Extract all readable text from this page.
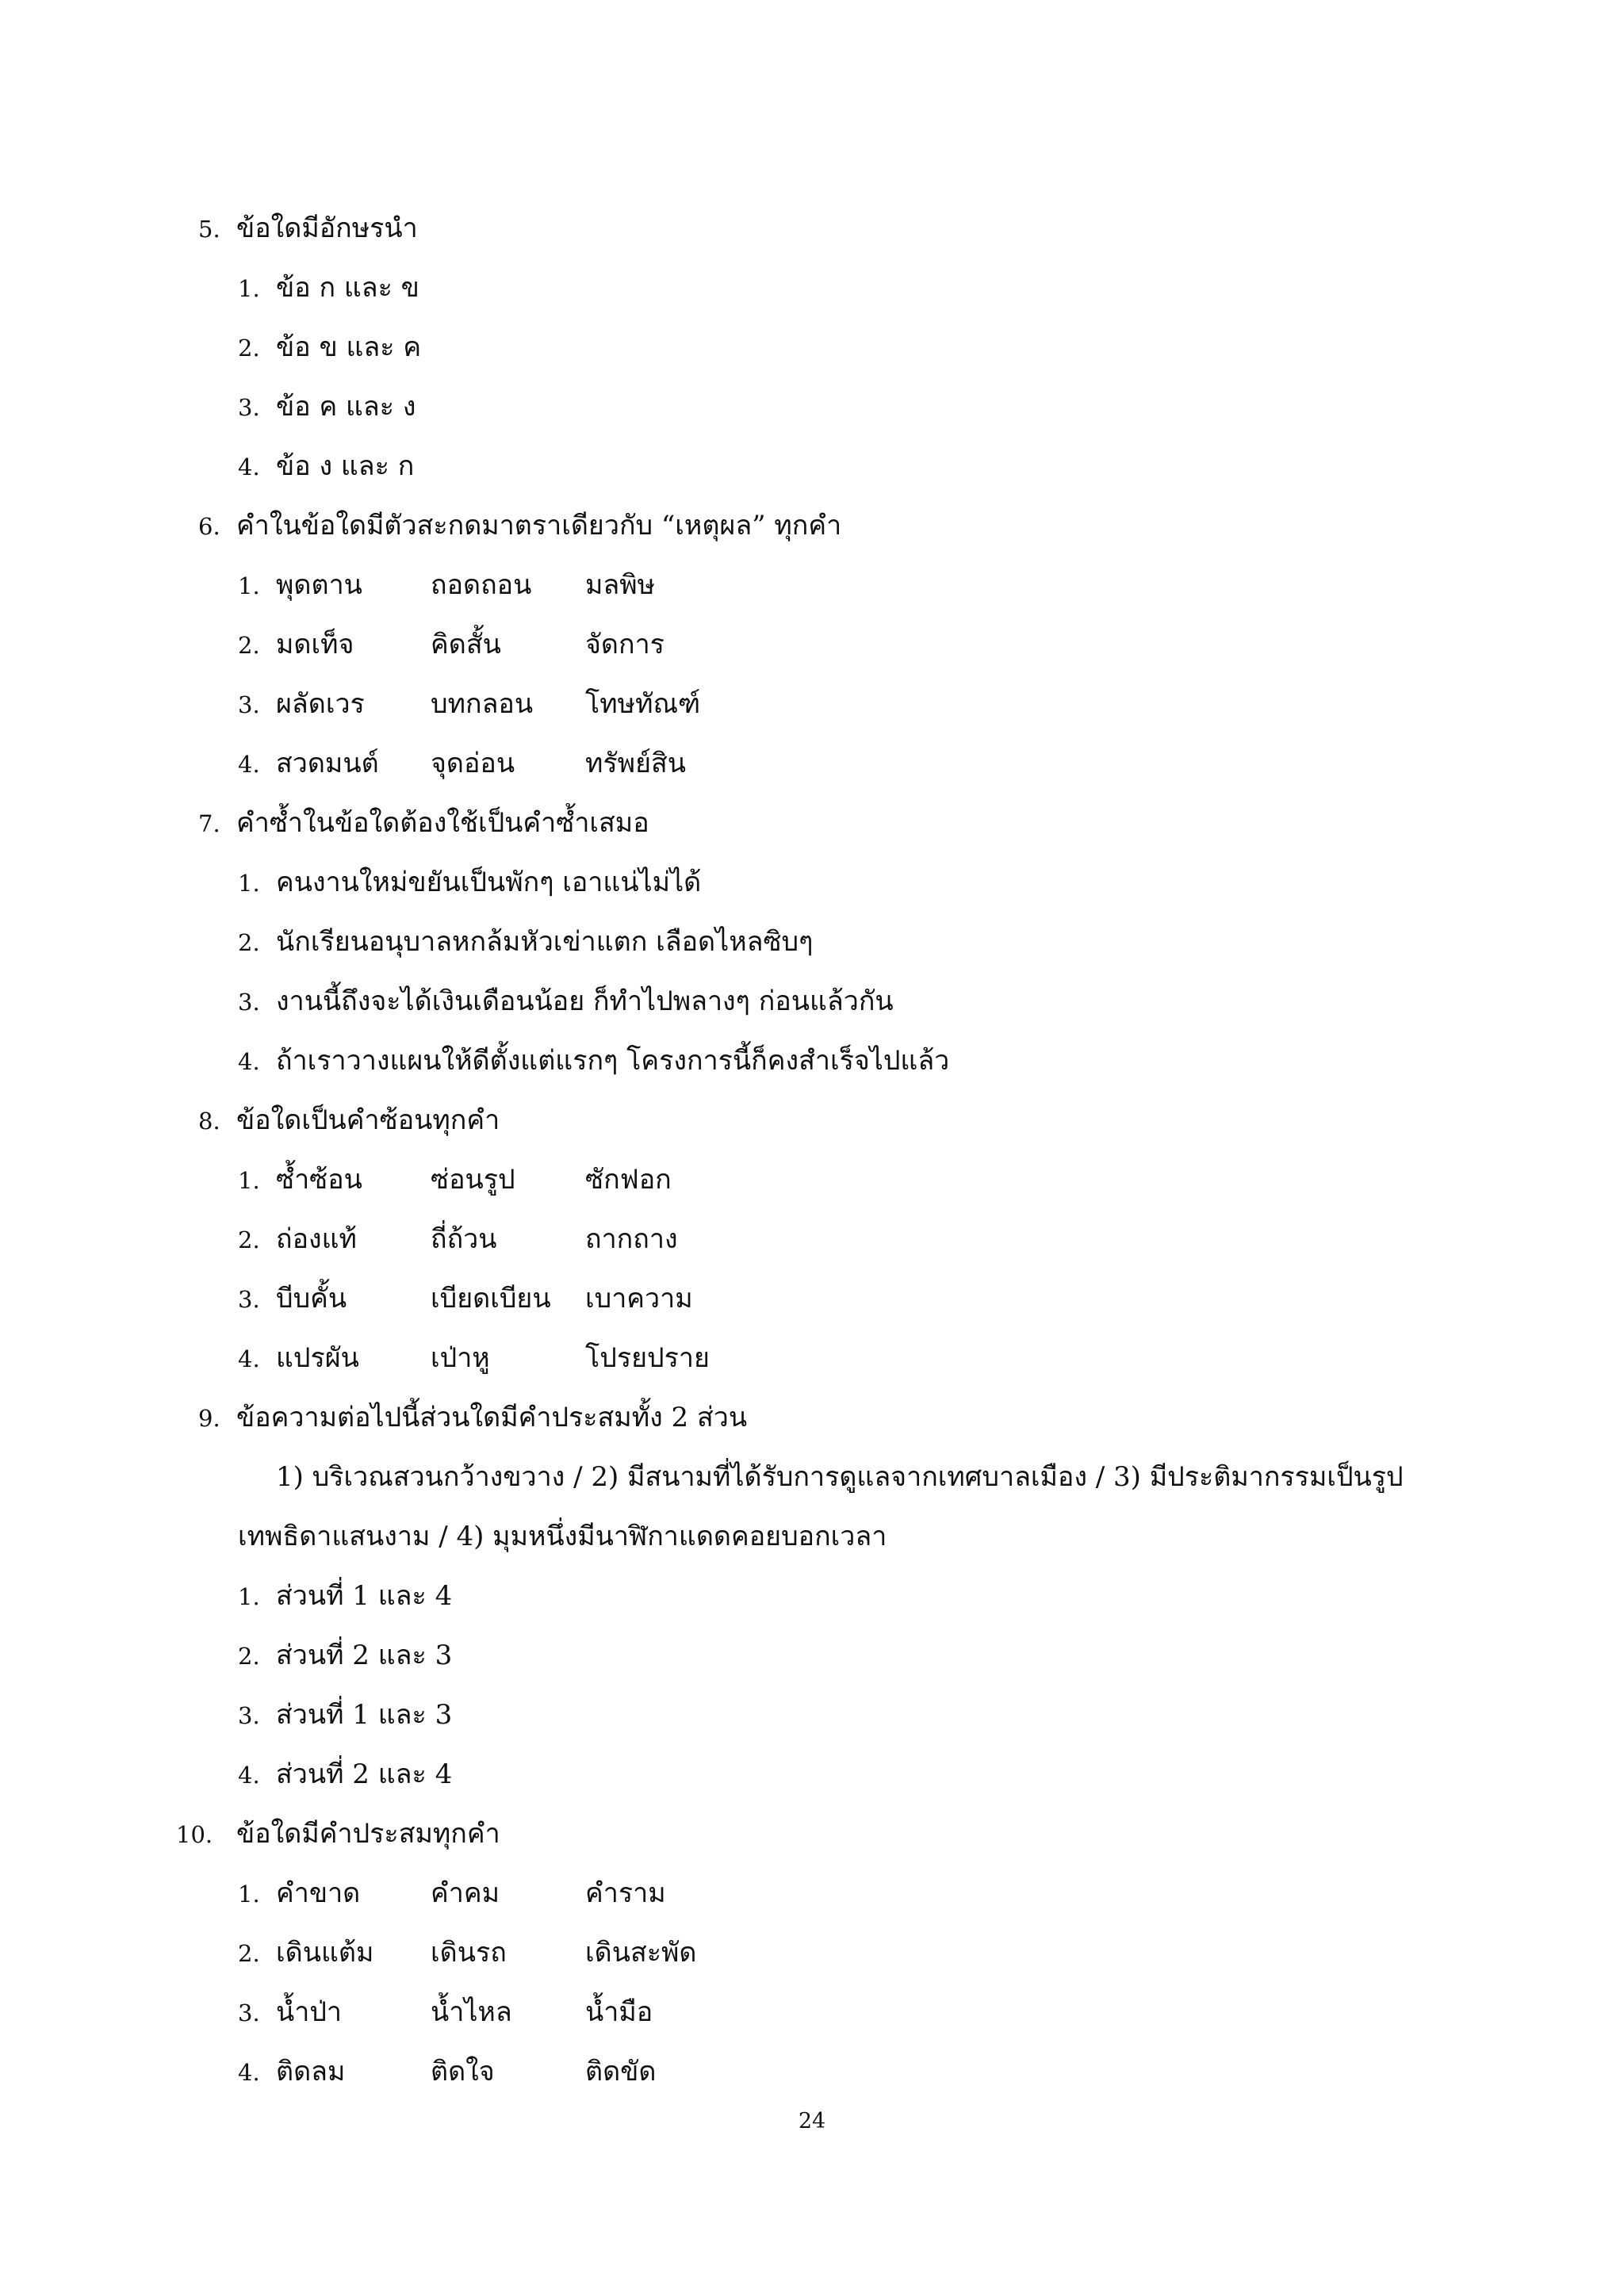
5. ข้อใดมีอักษรนำ
1. ข้อ ก และ ข
2. ข้อ ข และ ค
3. ข้อ ค และ ง
4. ข้อ ง และ ก
6. คำในข้อใดมีตัวสะกดมาตราเดียวกับ “เหตุผล” ทุกคำ
1. พุดตาน	ถอดถอน มลพิษ
2. มดเท็จ	คิดสั้น	จัดการ
3. ผลัดเวร บทกลอน โทษทัณฑ์
4. สวดมนต์ จุดอ่อน	ทรัพย์สิน
7. คำซ้ำในข้อใดต้องใช้เป็นคำซ้ำเสมอ
1. คนงานใหม่ขยันเป็นพักๆ เอาแน่ไม่ได้
2. นักเรียนอนุบาลหกล้มหัวเข่าแตก เลือดไหลซิบๆ
3. งานนี้ถึงจะได้เงินเดือนน้อย ก็ทำไปพลางๆ ก่อนแล้วกัน
4. ถ้าเราวางแผนให้ดีตั้งแต่แรกๆ โครงการนี้ก็คงสำเร็จไปแล้ว
8. ข้อใดเป็นคำซ้อนทุกคำ
1. ซ้ำซ้อน	ซ่อนรูป	ซักฟอก
2. ถ่องแท้	ถี่ถ้วน	ถากถาง
3. บีบคั้น	เบียดเบียน เบาความ
4. แปรผัน	เป่าหู	โปรยปราย
9. ข้อความต่อไปนี้ส่วนใดมีคำประสมทั้ง 2 ส่วน
1) บริเวณสวนกว้างขวาง / 2) มีสนามที่ได้รับการดูแลจากเทศบาลเมือง / 3) มีประติมากรรมเป็นรูป
เทพธิดาแสนงาม / 4) มุมหนึ่งมีนาฬิกาแดดคอยบอกเวลา
1. ส่วนที่ 1 และ 4
2. ส่วนที่ 2 และ 3
3. ส่วนที่ 1 และ 3
4. ส่วนที่ 2 และ 4
10. ข้อใดมีคำประสมทุกคำ
1. คำขาด	คำคม	คำราม
2. เดินแต้ม เดินรถ	เดินสะพัด
3. น้ำป่า	น้ำไหล	น้ำมือ
4. ติดลม	ติดใจ	ติดขัด
24
